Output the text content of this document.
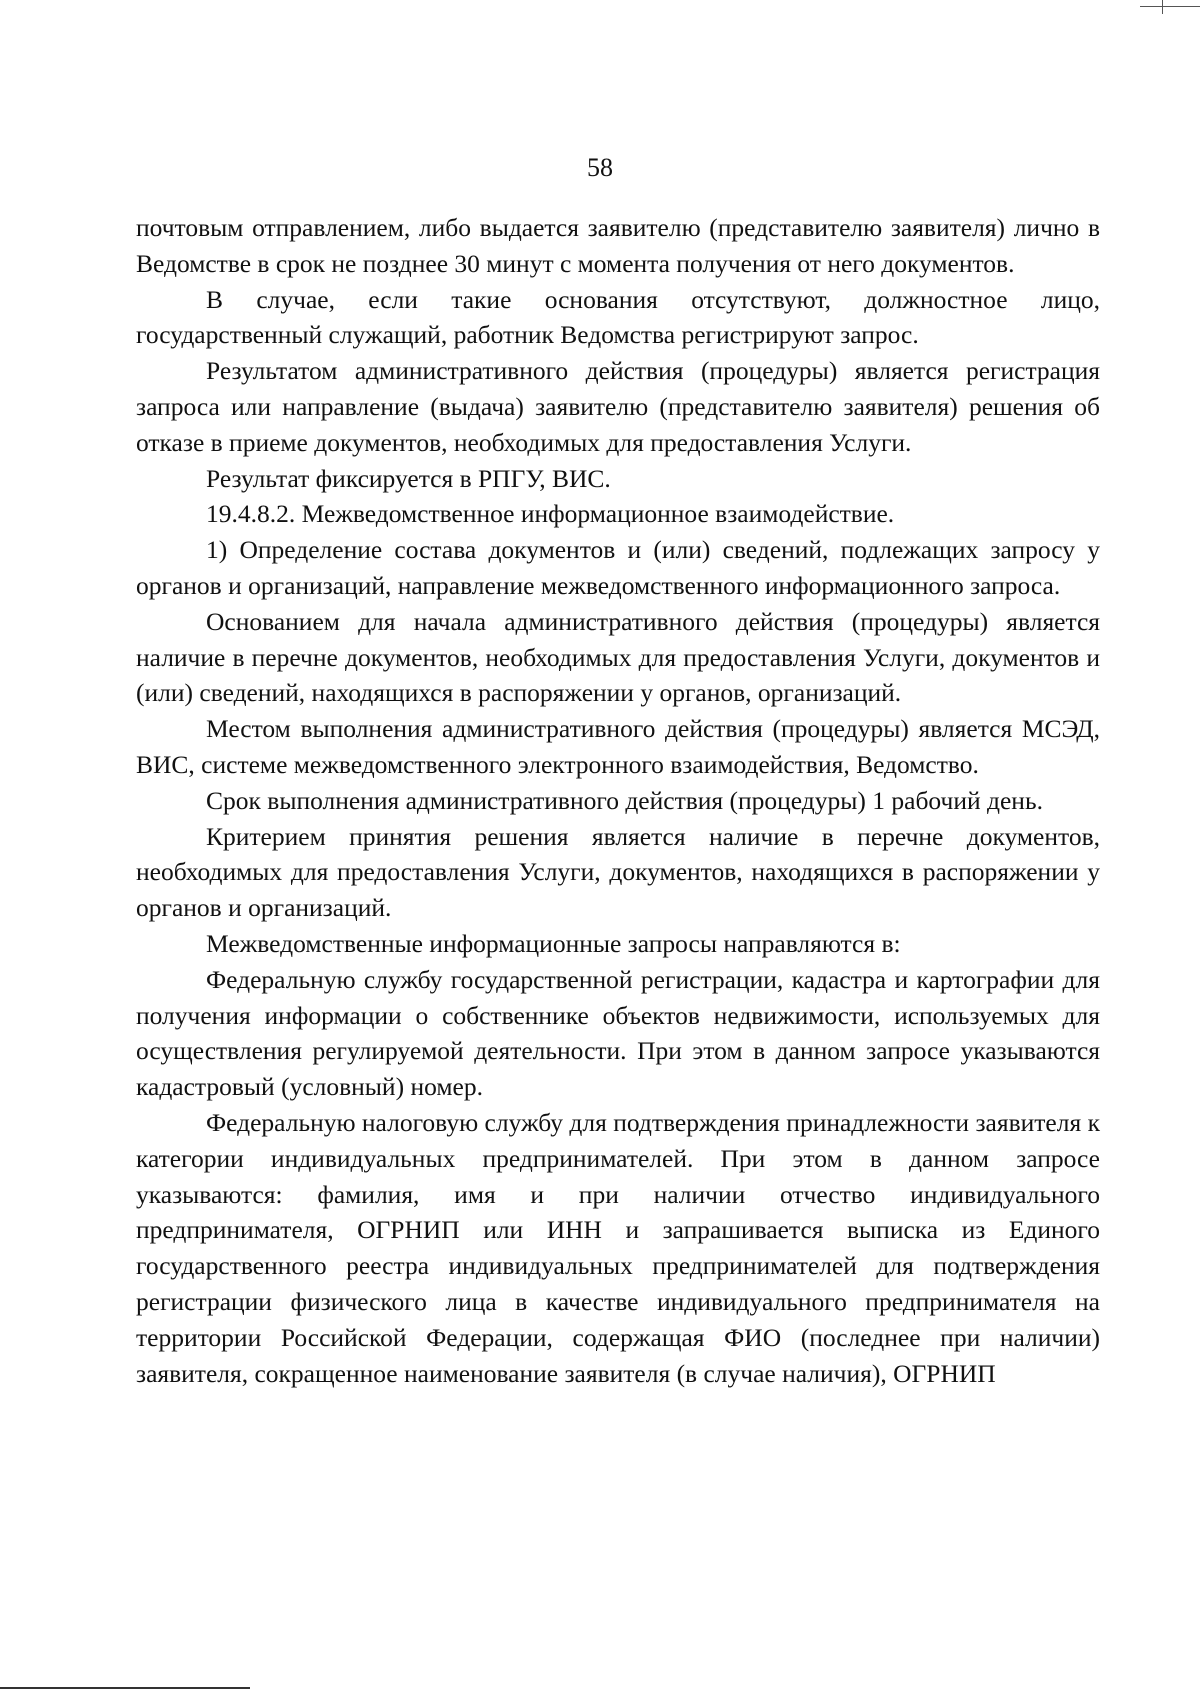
58

почтовым отправлением, либо выдается заявителю (представителю заявителя) лично в Ведомстве в срок не позднее 30 минут с момента получения от него документов.

В случае, если такие основания отсутствуют, должностное лицо, государственный служащий, работник Ведомства регистрируют запрос.

Результатом административного действия (процедуры) является регистрация запроса или направление (выдача) заявителю (представителю заявителя) решения об отказе в приеме документов, необходимых для предоставления Услуги.

Результат фиксируется в РПГУ, ВИС.

19.4.8.2. Межведомственное информационное взаимодействие.

1) Определение состава документов и (или) сведений, подлежащих запросу у органов и организаций, направление межведомственного информационного запроса.

Основанием для начала административного действия (процедуры) является наличие в перечне документов, необходимых для предоставления Услуги, документов и (или) сведений, находящихся в распоряжении у органов, организаций.

Местом выполнения административного действия (процедуры) является МСЭД, ВИС, системе межведомственного электронного взаимодействия, Ведомство.

Срок выполнения административного действия (процедуры) 1 рабочий день.

Критерием принятия решения является наличие в перечне документов, необходимых для предоставления Услуги, документов, находящихся в распоряжении у органов и организаций.

Межведомственные информационные запросы направляются в:

Федеральную службу государственной регистрации, кадастра и картографии для получения информации о собственнике объектов недвижимости, используемых для осуществления регулируемой деятельности. При этом в данном запросе указываются кадастровый (условный) номер.

Федеральную налоговую службу для подтверждения принадлежности заявителя к категории индивидуальных предпринимателей. При этом в данном запросе указываются: фамилия, имя и при наличии отчество индивидуального предпринимателя, ОГРНИП или ИНН и запрашивается выписка из Единого государственного реестра индивидуальных предпринимателей для подтверждения регистрации физического лица в качестве индивидуального предпринимателя на территории Российской Федерации, содержащая ФИО (последнее при наличии) заявителя, сокращенное наименование заявителя (в случае наличия), ОГРНИП
